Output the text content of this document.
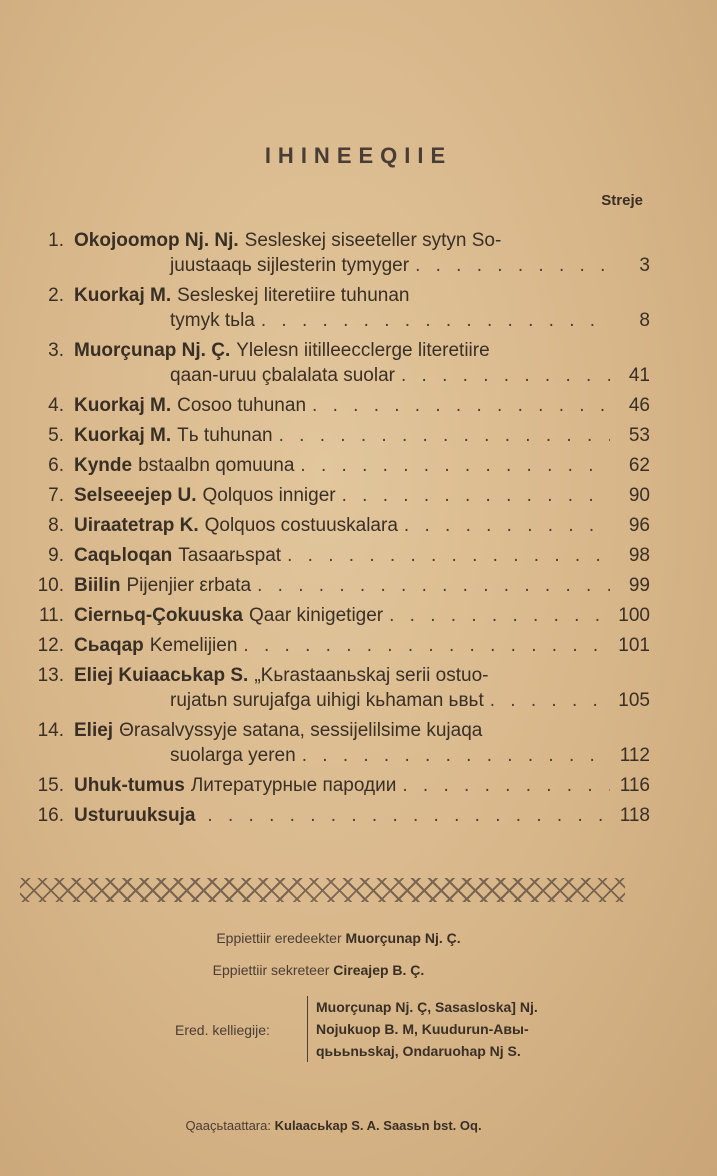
IHINEEQIIE
Streje
1. Okojoomop Nj. Nj. Sesleskej siseeteller sytyn So-
juustaaqь sijlesterin tymyger . . .	3
2. Kuorkaj M. Sesleskej literetiire tuhunan
tymyk tьla . . .	8
3. Muorçunap Nj. Ç. Ylelesn iitilleecclerge literetiire
qaan-uruu çbalalata suolar . . .	41
4. Kuorkaj M. Cosoo tuhunan . . .	46
5. Kuorkaj M. Tь tuhunan . . .	53
6. Kynde bstaalbn qomuuna . . .	62
7. Selseeejep U. Qolquos inniger . . .	90
8. Uiraatetrap K. Qolquos costuuskalara . . .	96
9. Caqьloqan Tasaarьspat . . .	98
10. Biilin Pijenjier εrbata . . .	99
11. Ciernьq-Çokuuska Qaar kinigetiger . . .	100
12. Cьaqap Kemelijien . . .	101
13. Eliej Kuiaacьkap S. „Kьrastaanьskaj serii ostuo-
rujatьn surujafga uihigi kьhaman ьвьt . . .	105
14. Eliej Θrasalvyssyje satana, sessijelilsime kujaqa
suolarga yeren . . .	112
15. Uhuk-tumus Литературные пародии . . .	116
16. Usturuuksuja . . .	118
Eppiettiir eredeekter Muorçunap Nj. Ç.
Eppiettiir sekreteer Cireajep B. Ç.
Ered. kelliegije:
Muorçunap Nj. Ç, Sasasloska] Nj.
Nojukuop B. M, Kuudurun-Aвы-
qьььnьskaj, Ondaruohap Nj S.
Qaaçьtaattara: Kulaacьkap S. A. Saasьn bst. Oq.
